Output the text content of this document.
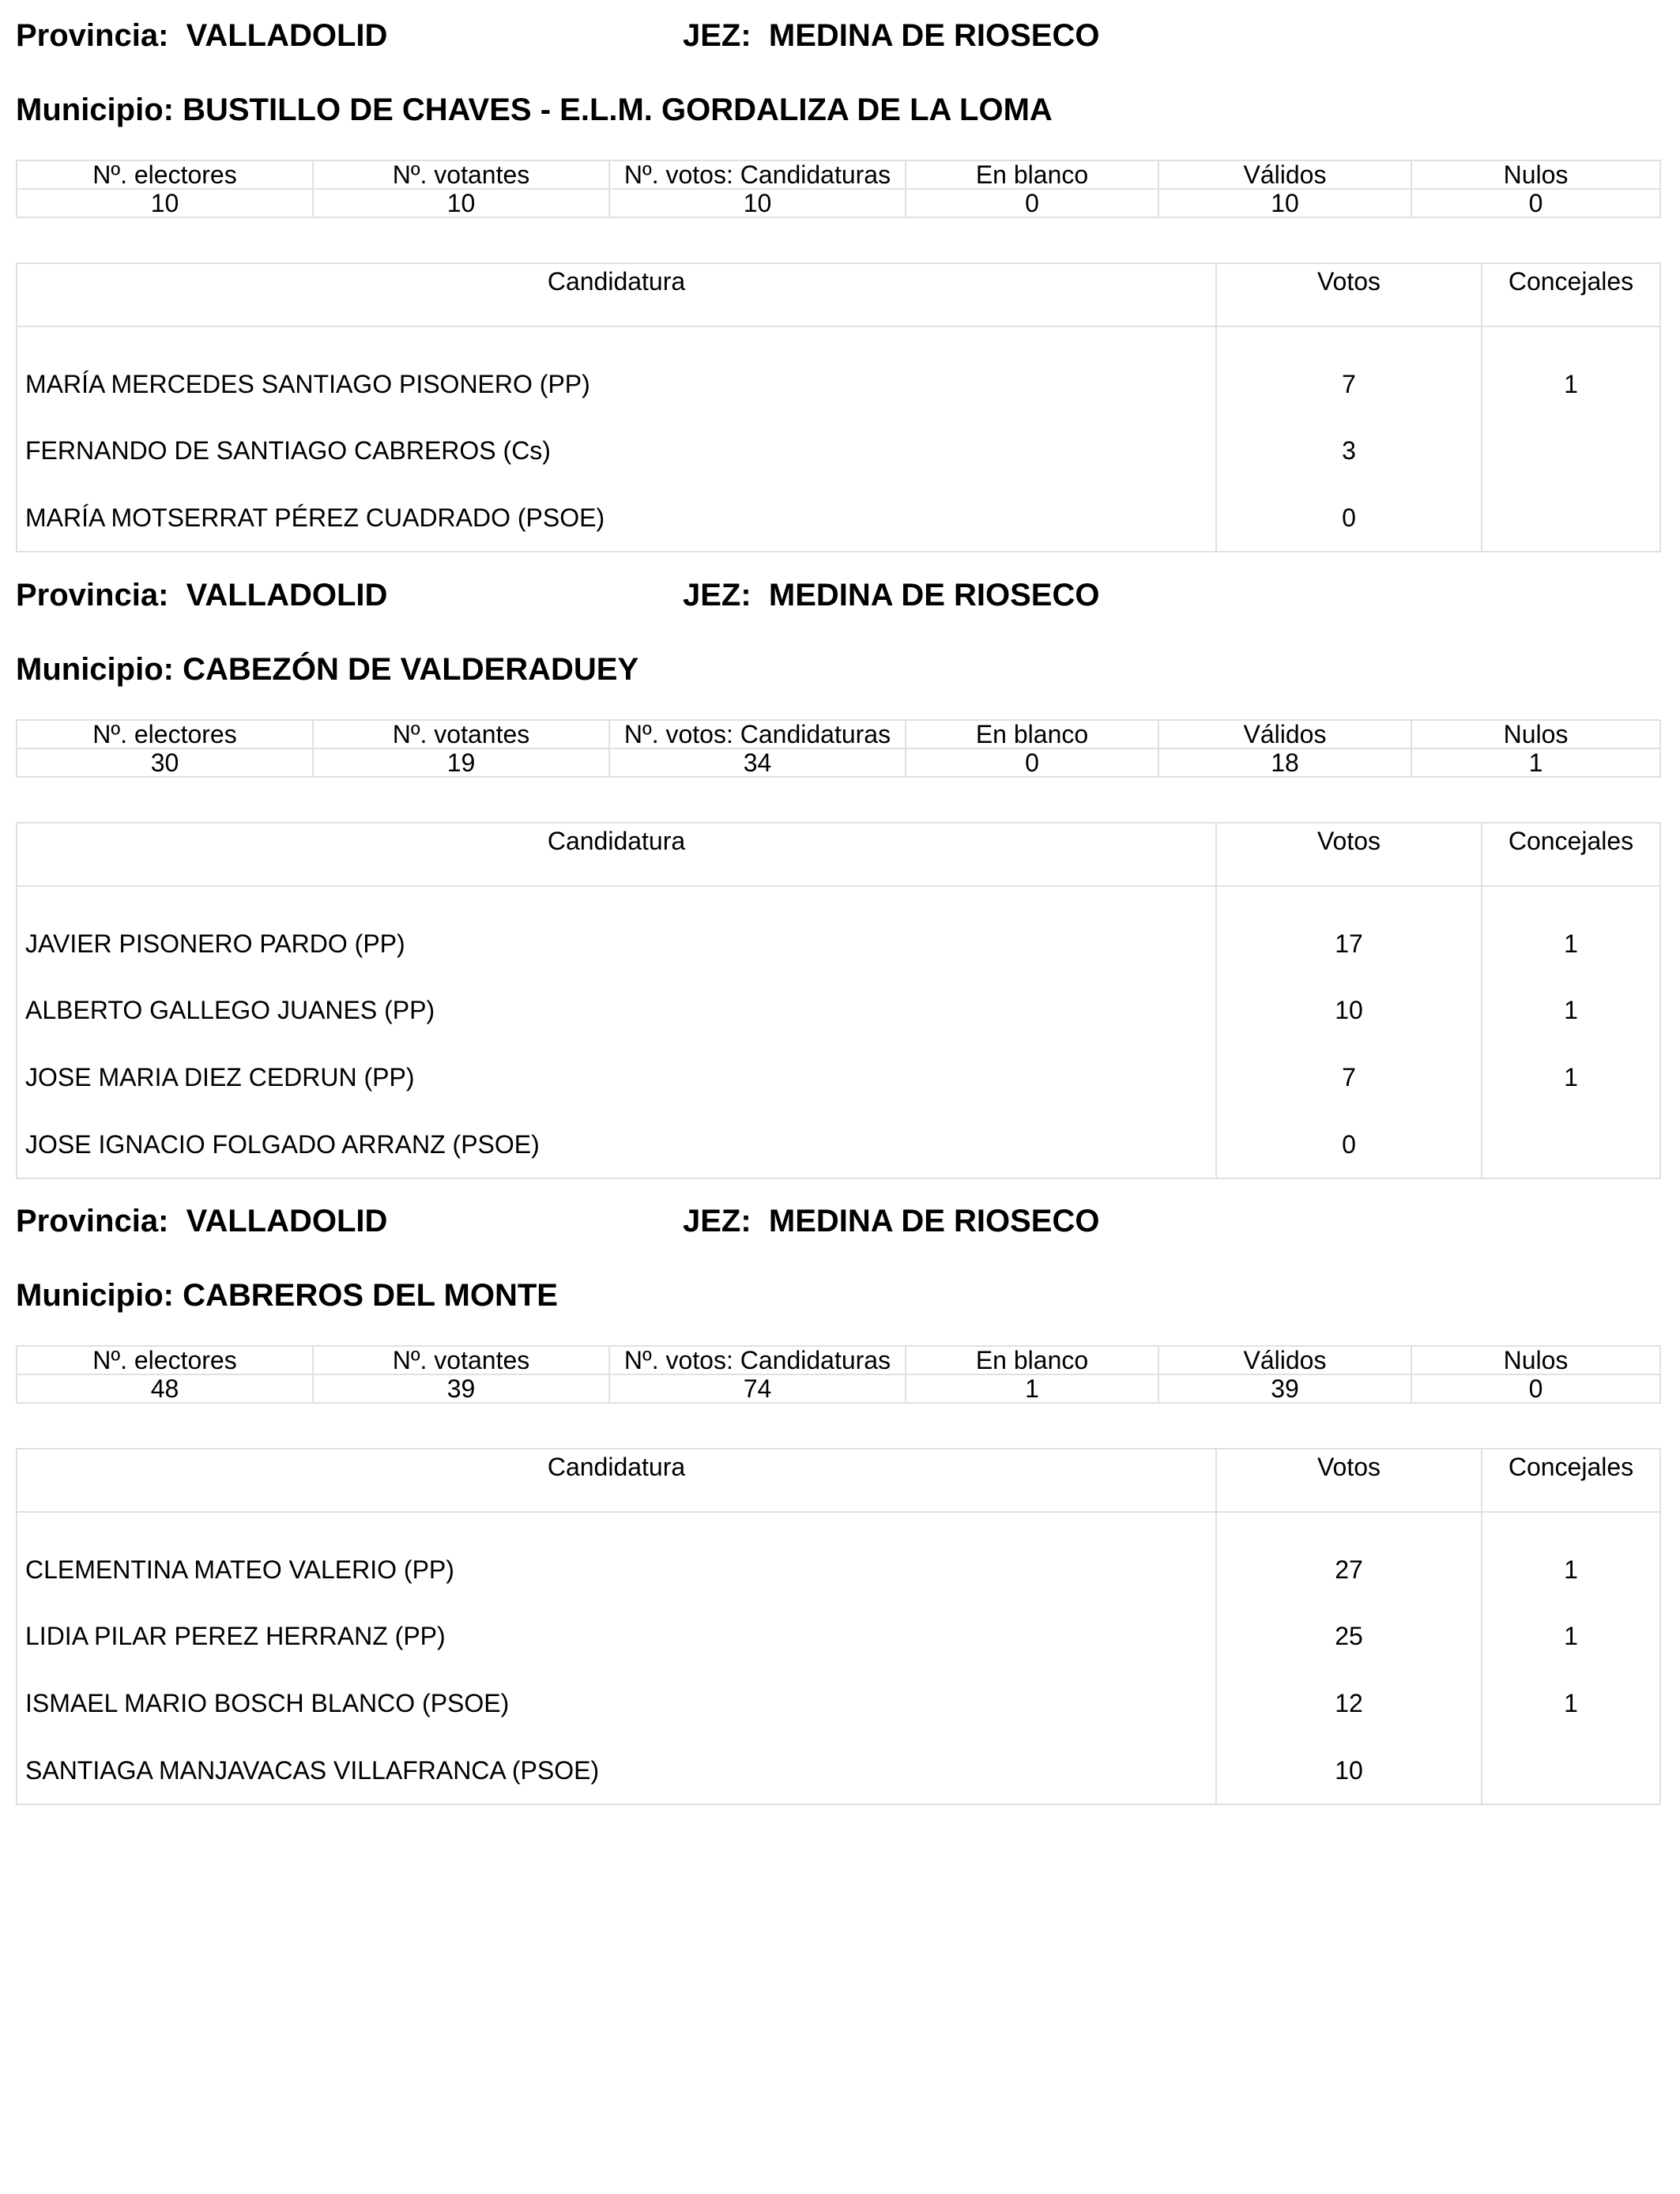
Provincia: VALLADOLID	JEZ: MEDINA DE RIOSECO
Municipio: BUSTILLO DE CHAVES - E.L.M. GORDALIZA DE LA LOMA
Nº. electores	Nº. votantes	Nº. votos: Candidaturas	En blanco	Válidos	Nulos
10	10	10	0	10	0
Candidatura	Votos	Concejales
MARÍA MERCEDES SANTIAGO PISONERO (PP)	7	1
FERNANDO DE SANTIAGO CABREROS (Cs)	3	
MARÍA MOTSERRAT PÉREZ CUADRADO (PSOE)	0	
Provincia: VALLADOLID	JEZ: MEDINA DE RIOSECO
Municipio: CABEZÓN DE VALDERADUEY
Nº. electores	Nº. votantes	Nº. votos: Candidaturas	En blanco	Válidos	Nulos
30	19	34	0	18	1
Candidatura	Votos	Concejales
JAVIER PISONERO PARDO (PP)	17	1
ALBERTO GALLEGO JUANES (PP)	10	1
JOSE MARIA DIEZ CEDRUN (PP)	7	1
JOSE IGNACIO FOLGADO ARRANZ (PSOE)	0	
Provincia: VALLADOLID	JEZ: MEDINA DE RIOSECO
Municipio: CABREROS DEL MONTE
Nº. electores	Nº. votantes	Nº. votos: Candidaturas	En blanco	Válidos	Nulos
48	39	74	1	39	0
Candidatura	Votos	Concejales
CLEMENTINA MATEO VALERIO (PP)	27	1
LIDIA PILAR PEREZ HERRANZ (PP)	25	1
ISMAEL MARIO BOSCH BLANCO (PSOE)	12	1
SANTIAGA MANJAVACAS VILLAFRANCA (PSOE)	10	
